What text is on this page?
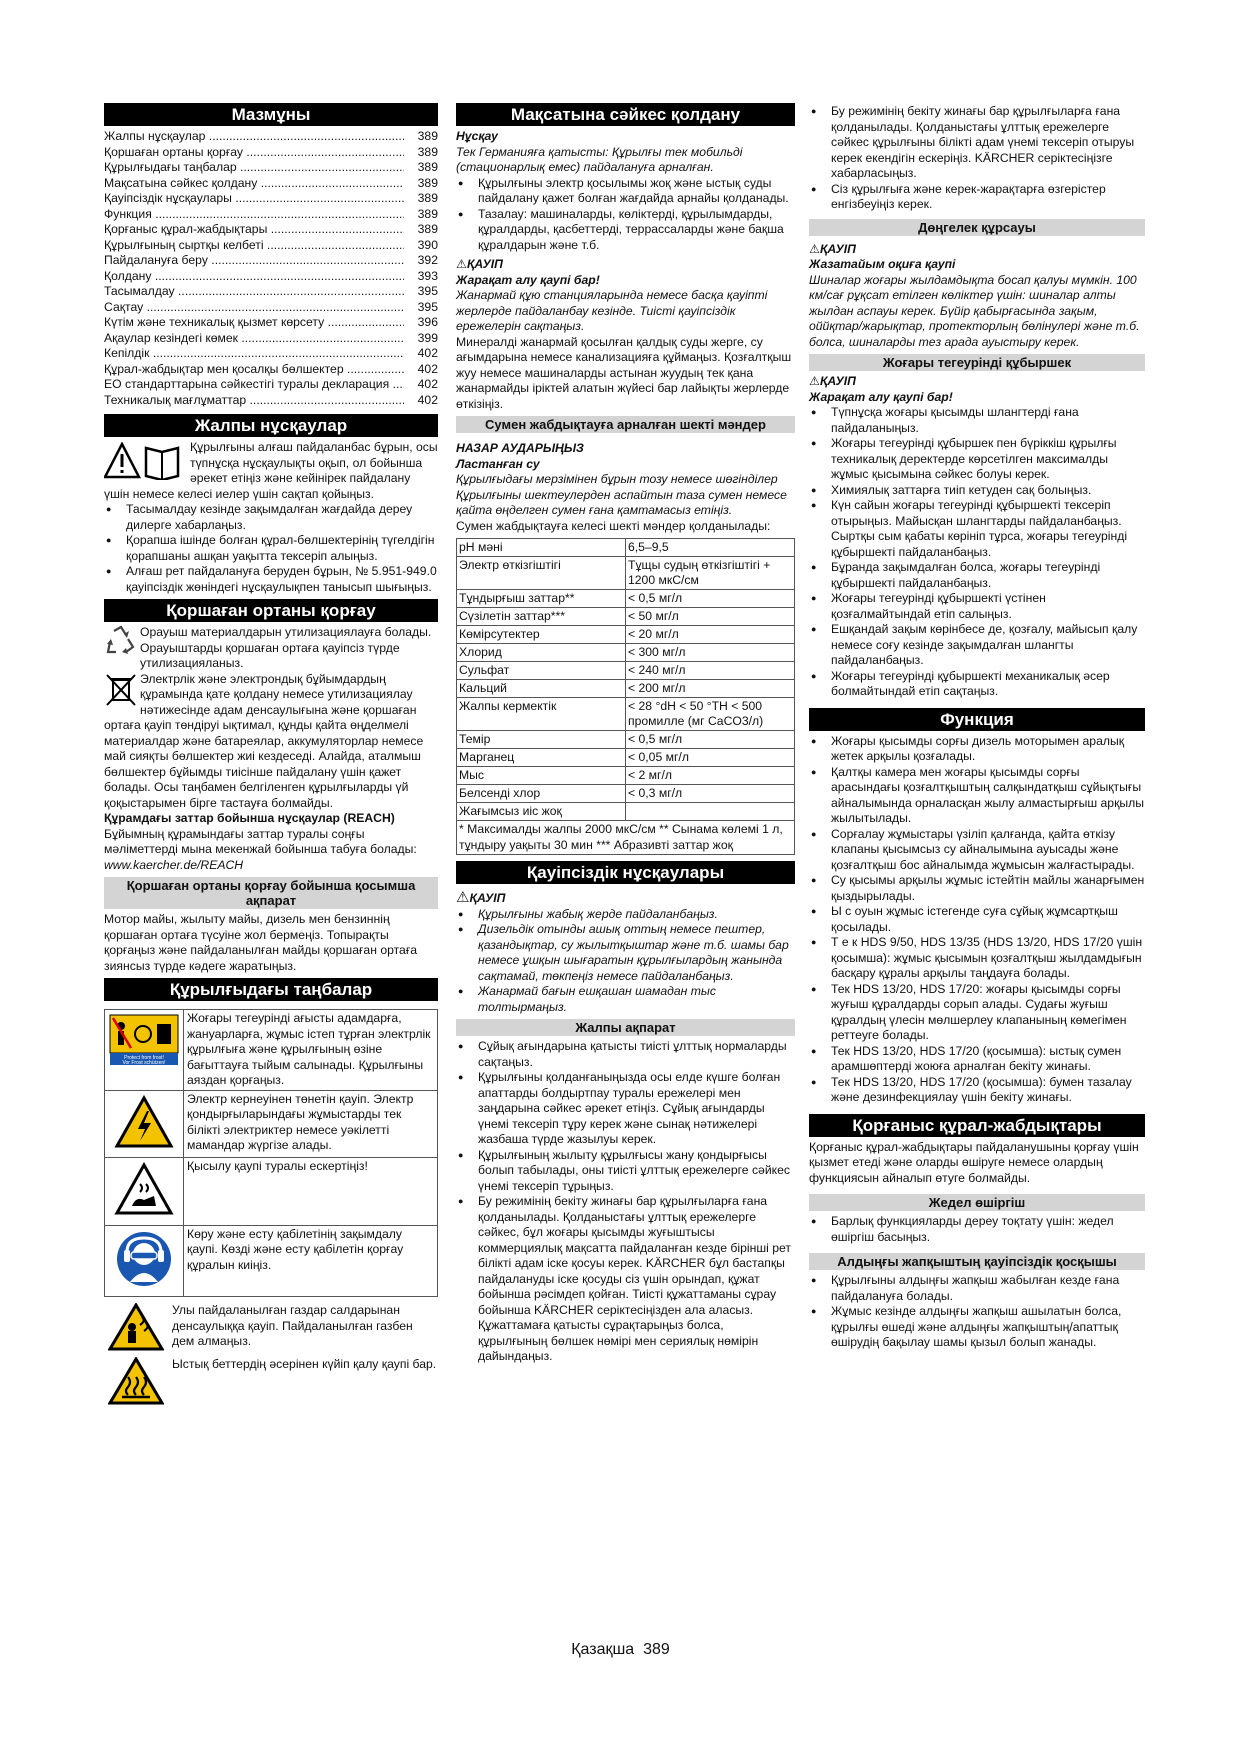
Мазмұны
Жалпы нұсқаулар .....	389
Қоршаған ортаны қорғау .....	389
Құрылғыдағы таңбалар .....	389
Мақсатына сәйкес қолдану .....	389
Қауіпсіздік нұсқаулары .....	389
Функция .....	389
Қорғаныс құрал-жабдықтары .....	389
Құрылғының сыртқы келбеті .....	390
Пайдалануға беру .....	392
Қолдану .....	393
Тасымалдау .....	395
Сақтау .....	395
Күтім және техникалық қызмет көрсету .....	396
Ақаулар кезіндегі көмек .....	399
Кепілдік .....	402
Құрал-жабдықтар мен қосалқы бөлшектер .....	402
ЕО стандарттарына сәйкестігі туралы декларация .....	402
Техникалық мағлұматтар .....	402
Жалпы нұсқаулар

Құрылғыны алғаш пайдаланбас бұрын, осы түпнұсқа нұсқаулықты оқып, ол бойынша әрекет етіңіз және кейінірек пайдалану үшін немесе келесі иелер үшін сақтап қойыңыз.

● Тасымалдау кезінде зақымдалған жағдайда дереу дилерге хабарлаңыз.
● Қорапша ішінде болған құрал-бөлшектерінің түгелдігін қорапшаны ашқан уақытта тексеріп алыңыз.
● Алғаш рет пайдалануға беруден бұрын, № 5.951-949.0 қауіпсіздік жөніндегі нұсқаулықпен танысып шығыңыз.
Қоршаған ортаны қорғау

Орауыш материалдарын утилизациялауға болады. Орауыштарды қоршаған ортаға қауіпсіз түрде утилизацияланыз.

Электрлік және электрондық бұйымдардың құрамында қате қолдану немесе утилизациялау нәтижесінде адам денсаулығына және қоршаған ортаға қауіп төндіруі ықтимал, құнды қайта өңделмелі материалдар және батареялар, аккумуляторлар немесе май сияқты бөлшектер жиі кездеседі. Алайда, аталмыш бөлшектер бұйымды тиісінше пайдалану үшін қажет болады. Осы таңбамен белгіленген құрылғыларды үй қоқыстарымен бірге тастауға болмайды.

Құрамдағы заттар бойынша нұсқаулар (REACH)

Бұйымның құрамындағы заттар туралы соңғы мәліметтерді мына мекенжай бойынша табуға болады: www.kaercher.de/REACH

Қоршаған ортаны қорғау бойынша қосымша ақпарат

Мотор майы, жылыту майы, дизель мен бензиннің қоршаған ортаға түсуіне жол бермеңіз. Топырақты қорғаңыз және пайдаланылған майды қоршаған ортаға зиянсыз түрде кәдеге жаратыңыз.

Құрылғыдағы таңбалар
Protect from frost!
Vor Frost schützen!	Жоғары тегеурінді ағысты адамдарға, жануарларға, жұмыс істеп тұрған электрлік құрылғыға және құрылғының өзіне бағыттауға тыйым салынады. Құрылғыны аяздан қорғаңыз.
	Электр кернеуінен төнетін қауіп. Электр қондырғыларындағы жұмыстарды тек білікті электриктер немесе уәкілетті мамандар жүргізе алады.
	Қысылу қаупі туралы ескертіңіз!
	Көру және есту қабілетінің зақымдалу қаупі. Көзді және есту қабілетін қорғау құралын киіңіз.

Улы пайдаланылған газдар салдарынан денсаулыққа қауіп. Пайдаланылған газбен дем алмаңыз.

Ыстық беттердің әсерінен күйіп қалу қаупі бар.

Мақсатына сәйкес қолдану

Нұсқау

Тек Германияға қатысты: Құрылғы тек мобильді (стационарлық емес) пайдалануға арналған.

● Құрылғыны электр қосылымы жоқ және ыстық суды пайдалану қажет болған жағдайда арнайы қолданады.
● Тазалау: машиналарды, көліктерді, құрылымдарды, құралдарды, қасбеттерді, террассаларды және бақша құралдарын және т.б.

⚠ҚАУІП

Жарақат алу қаупі бар!

Жанармай құю станцияларында немесе басқа қауіпті жерлерде пайдаланбау кезінде. Тиісті қауіпсіздік ережелерін сақтаңыз.

Минералді жанармай қосылған қалдық суды жерге, су ағымдарына немесе канализацияға құймаңыз. Қозғалтқыш жуу немесе машиналарды астынан жуудың тек қана жанармайды іріктей алатын жүйесі бар лайықты жерлерде өткізіңіз.

Сумен жабдықтауға арналған шекті мәндер

НАЗАР АУДАРЫҢЫЗ

Ластанған су

Құрылғыдағы мерзімінен бұрын тозу немесе шөгінділер

Құрылғыны шектеулерден аспайтын таза сумен немесе қайта өңделген сумен ғана қамтамасыз етіңіз.

Сумен жабдықтауға келесі шекті мәндер қолданылады:

pH мәні	6,5–9,5
Электр өткізгіштігі	Тұщы судың өткізгіштігі + 1200 мкС/см
Тұндырғыш заттар**	< 0,5 мг/л
Сүзілетін заттар***	< 50 мг/л
Көмірсутектер	< 20 мг/л
Хлорид	< 300 мг/л
Сульфат	< 240 мг/л
Кальций	< 200 мг/л
Жалпы кермектік	< 28 °dH < 50 °TH < 500 промилле (мг CaCO3/л)
Темір	< 0,5 мг/л
Марганец	< 0,05 мг/л
Мыс	< 2 мг/л
Белсенді хлор	< 0,3 мг/л
Жағымсыз иіс жоқ	
* Максималды жалпы 2000 мкС/см ** Сынама көлемі 1 л, тұндыру уақыты 30 мин *** Абразивті заттар жоқ
Қауіпсіздік нұсқаулары

⚠ҚАУІП

● Құрылғыны жабық жерде пайдаланбаңыз.
● Дизельдік отынды ашық оттың немесе пештер, қазандықтар, су жылытқыштар және т.б. шамы бар немесе ұшқын шығаратын құрылғылардың жанында сақтамай, төкпеңіз немесе пайдаланбаңыз.
● Жанармай бағын ешқашан шамадан тыс толтырмаңыз.
Жалпы ақпарат
● Сұйық ағындарына қатысты тиісті ұлттық нормаларды сақтаңыз.
● Құрылғыны қолданғаныңызда осы елде күшге болған апаттарды болдыртпау туралы ережелері мен заңдарына сәйкес әрекет етіңіз. Сұйық ағындарды үнемі тексеріп тұру керек және сынақ нәтижелері жазбаша түрде жазылуы керек.
● Құрылғының жылыту құрылғысы жану қондырғысы болып табылады, оны тиісті ұлттық ережелерге сәйкес үнемі тексеріп тұрыңыз.
● Бу режимінің бекіту жинағы бар құрылғыларға ғана қолданылады. Қолданыстағы ұлттық ережелерге сәйкес, бұл жоғары қысымды жуғыштысы коммерциялық мақсатта пайдаланған кезде бірінші рет білікті адам іске қосуы керек. KÄRCHER бұл бастапқы пайдалануды іске қосуды сіз үшін орындап, құжат бойынша рәсімдеп қойған. Тиісті құжаттаманы сұрау бойынша KÄRCHER серіктесіңізден ала аласыз. Құжаттамаға қатысты сұрақтарыңыз болса, құрылғының бөлшек нөмірі мен сериялық нөмірін дайындаңыз.
● Бу режимінің бекіту жинағы бар құрылғыларға ғана қолданылады. Қолданыстағы ұлттық ережелерге сәйкес құрылғыны білікті адам үнемі тексеріп отыруы керек екендігін ескеріңіз. KÄRCHER серіктесіңізге хабарласыңыз.
● Сіз құрылғыға және керек-жарақтарға өзгерістер енгізбеуіңіз керек.
Дөңгелек құрсауы

⚠ҚАУІП

Жазатайым оқиға қаупі

Шиналар жоғары жылдамдықта босап қалуы мүмкін. 100 км/сағ рұқсат етілген көліктер үшін: шиналар алты жылдан аспауы керек. Бүйір қабырғасында зақым, оййқтар/жарықтар, протекторлың бөлінулері және т.б. болса, шиналарды тез арада ауыстыру керек.

Жоғары тегеурінді құбыршек

⚠ҚАУІП

Жарақат алу қаупі бар!

● Түпнұсқа жоғары қысымды шлангтерді ғана пайдаланыңыз.
● Жоғары тегеурінді құбыршек пен бүріккіш құрылғы техникалық деректерде көрсетілген максималды жұмыс қысымына сәйкес болуы керек.
● Химиялық заттарға тиіп кетуден сақ болыңыз.
● Күн сайын жоғары тегеурінді құбыршекті тексеріп отырыңыз. Майысқан шлангтарды пайдаланбаңыз. Сыртқы сым қабаты көрініп тұрса, жоғары тегеурінді құбыршекті пайдаланбаңыз.
● Бұранда зақымдалған болса, жоғары тегеурінді құбыршекті пайдаланбаңыз.
● Жоғары тегеурінді құбыршекті үстінен қозғалмайтындай етіп салыңыз.
● Ешқандай зақым көрінбесе де, қозғалу, майысып қалу немесе соғу кезінде зақымдалған шлангты пайдаланбаңыз.
● Жоғары тегеурінді құбыршекті механикалық әсер болмайтындай етіп сақтаңыз.
Функция
● Жоғары қысымды сорғы дизель моторымен аралық жетек арқылы қозғалады.
● Қалтқы камера мен жоғары қысымды сорғы арасындағы қозғалтқыштың салқындатқыш сұйықтығы айналымында орналасқан жылу алмастырғыш арқылы жылытылады.
● Сорғалау жұмыстары үзіліп қалғанда, қайта өткізу клапаны қысымсыз су айналымына ауысады және қозғалтқыш бос айналымда жұмысын жалғастырады.
● Су қысымы арқылы жұмыс істейтін майлы жанарғымен қыздырылады.
● Ы с оуын жұмыс істегенде суға сұйық жұмсартқыш қосылады.
● Т е к HDS 9/50, HDS 13/35 (HDS 13/20, HDS 17/20 үшін қосымша): жұмыс қысымын қозғалтқыш жылдамдығын басқару құралы арқылы таңдауға болады.
● Тек HDS 13/20, HDS 17/20: жоғары қысымды сорғы жуғыш құралдарды сорып алады. Судағы жуғыш құралдың үлесін мөлшерлеу клапанының көмегімен реттеуге болады.
● Тек HDS 13/20, HDS 17/20 (қосымша): ыстық сумен арамшөптерді жоюға арналған бекіту жинағы.
● Тек HDS 13/20, HDS 17/20 (қосымша): бумен тазалау және дезинфекциялау үшін бекіту жинағы.
Қорғаныс құрал-жабдықтары

Қорғаныс құрал-жабдықтары пайдаланушыны қорғау үшін қызмет етеді және оларды өшіруге немесе олардың функциясын айналып өтуге болмайды.

Жедел өшіргіш
● Барлық функцияларды дереу тоқтату үшін: жедел өшіргіш басыңыз.
Алдыңғы жапқыштың қауіпсіздік қосқышы
● Құрылғыны алдыңғы жапқыш жабылған кезде ғана пайдалануға болады.
● Жұмыс кезінде алдыңғы жапқыш ашылатын болса, құрылғы өшеді және алдыңғы жапқыштың/апаттық өшірудің бақылау шамы қызыл болып жанады.
Қазақша 389
